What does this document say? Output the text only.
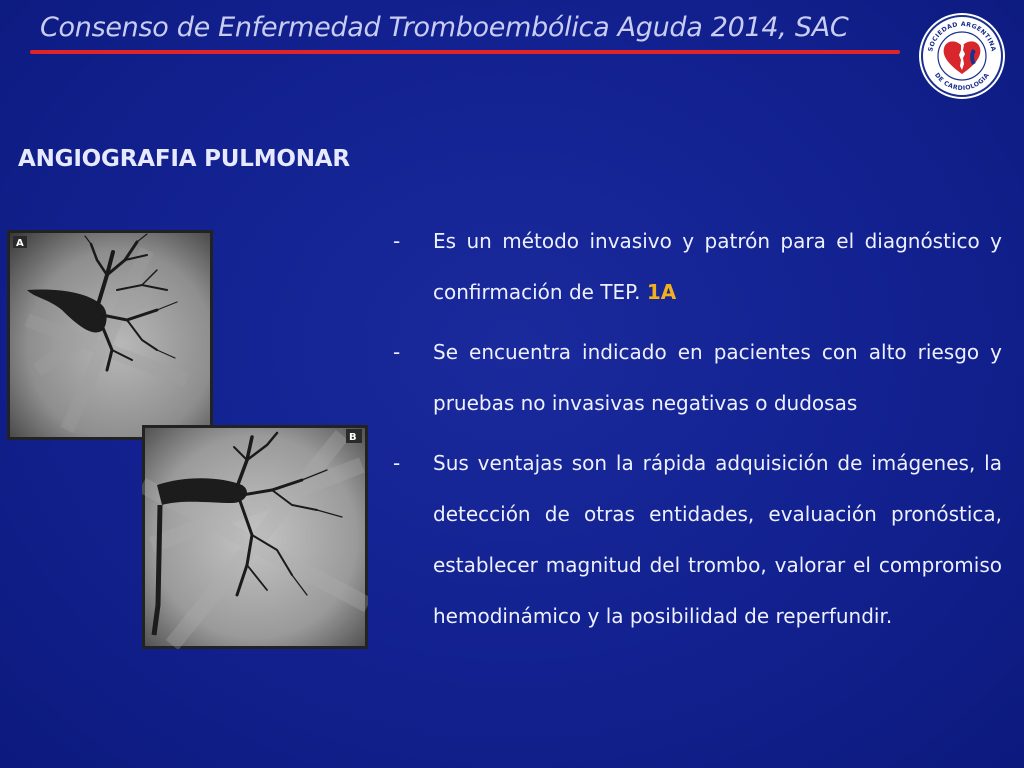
Consenso de Enfermedad Tromboembólica Aguda 2014, SAC
SOCIEDAD ARGENTINA
DE CARDIOLOGIA
ANGIOGRAFIA PULMONAR
A
B
- Es un método invasivo y patrón para el diagnóstico y confirmación de TEP. 1A
- Se encuentra indicado en pacientes con alto riesgo y pruebas no invasivas negativas o dudosas
- Sus ventajas son la rápida adquisición de imágenes, la detección de otras entidades, evaluación pronóstica, establecer magnitud del trombo, valorar el compromiso hemodinámico y la posibilidad de reperfundir.
